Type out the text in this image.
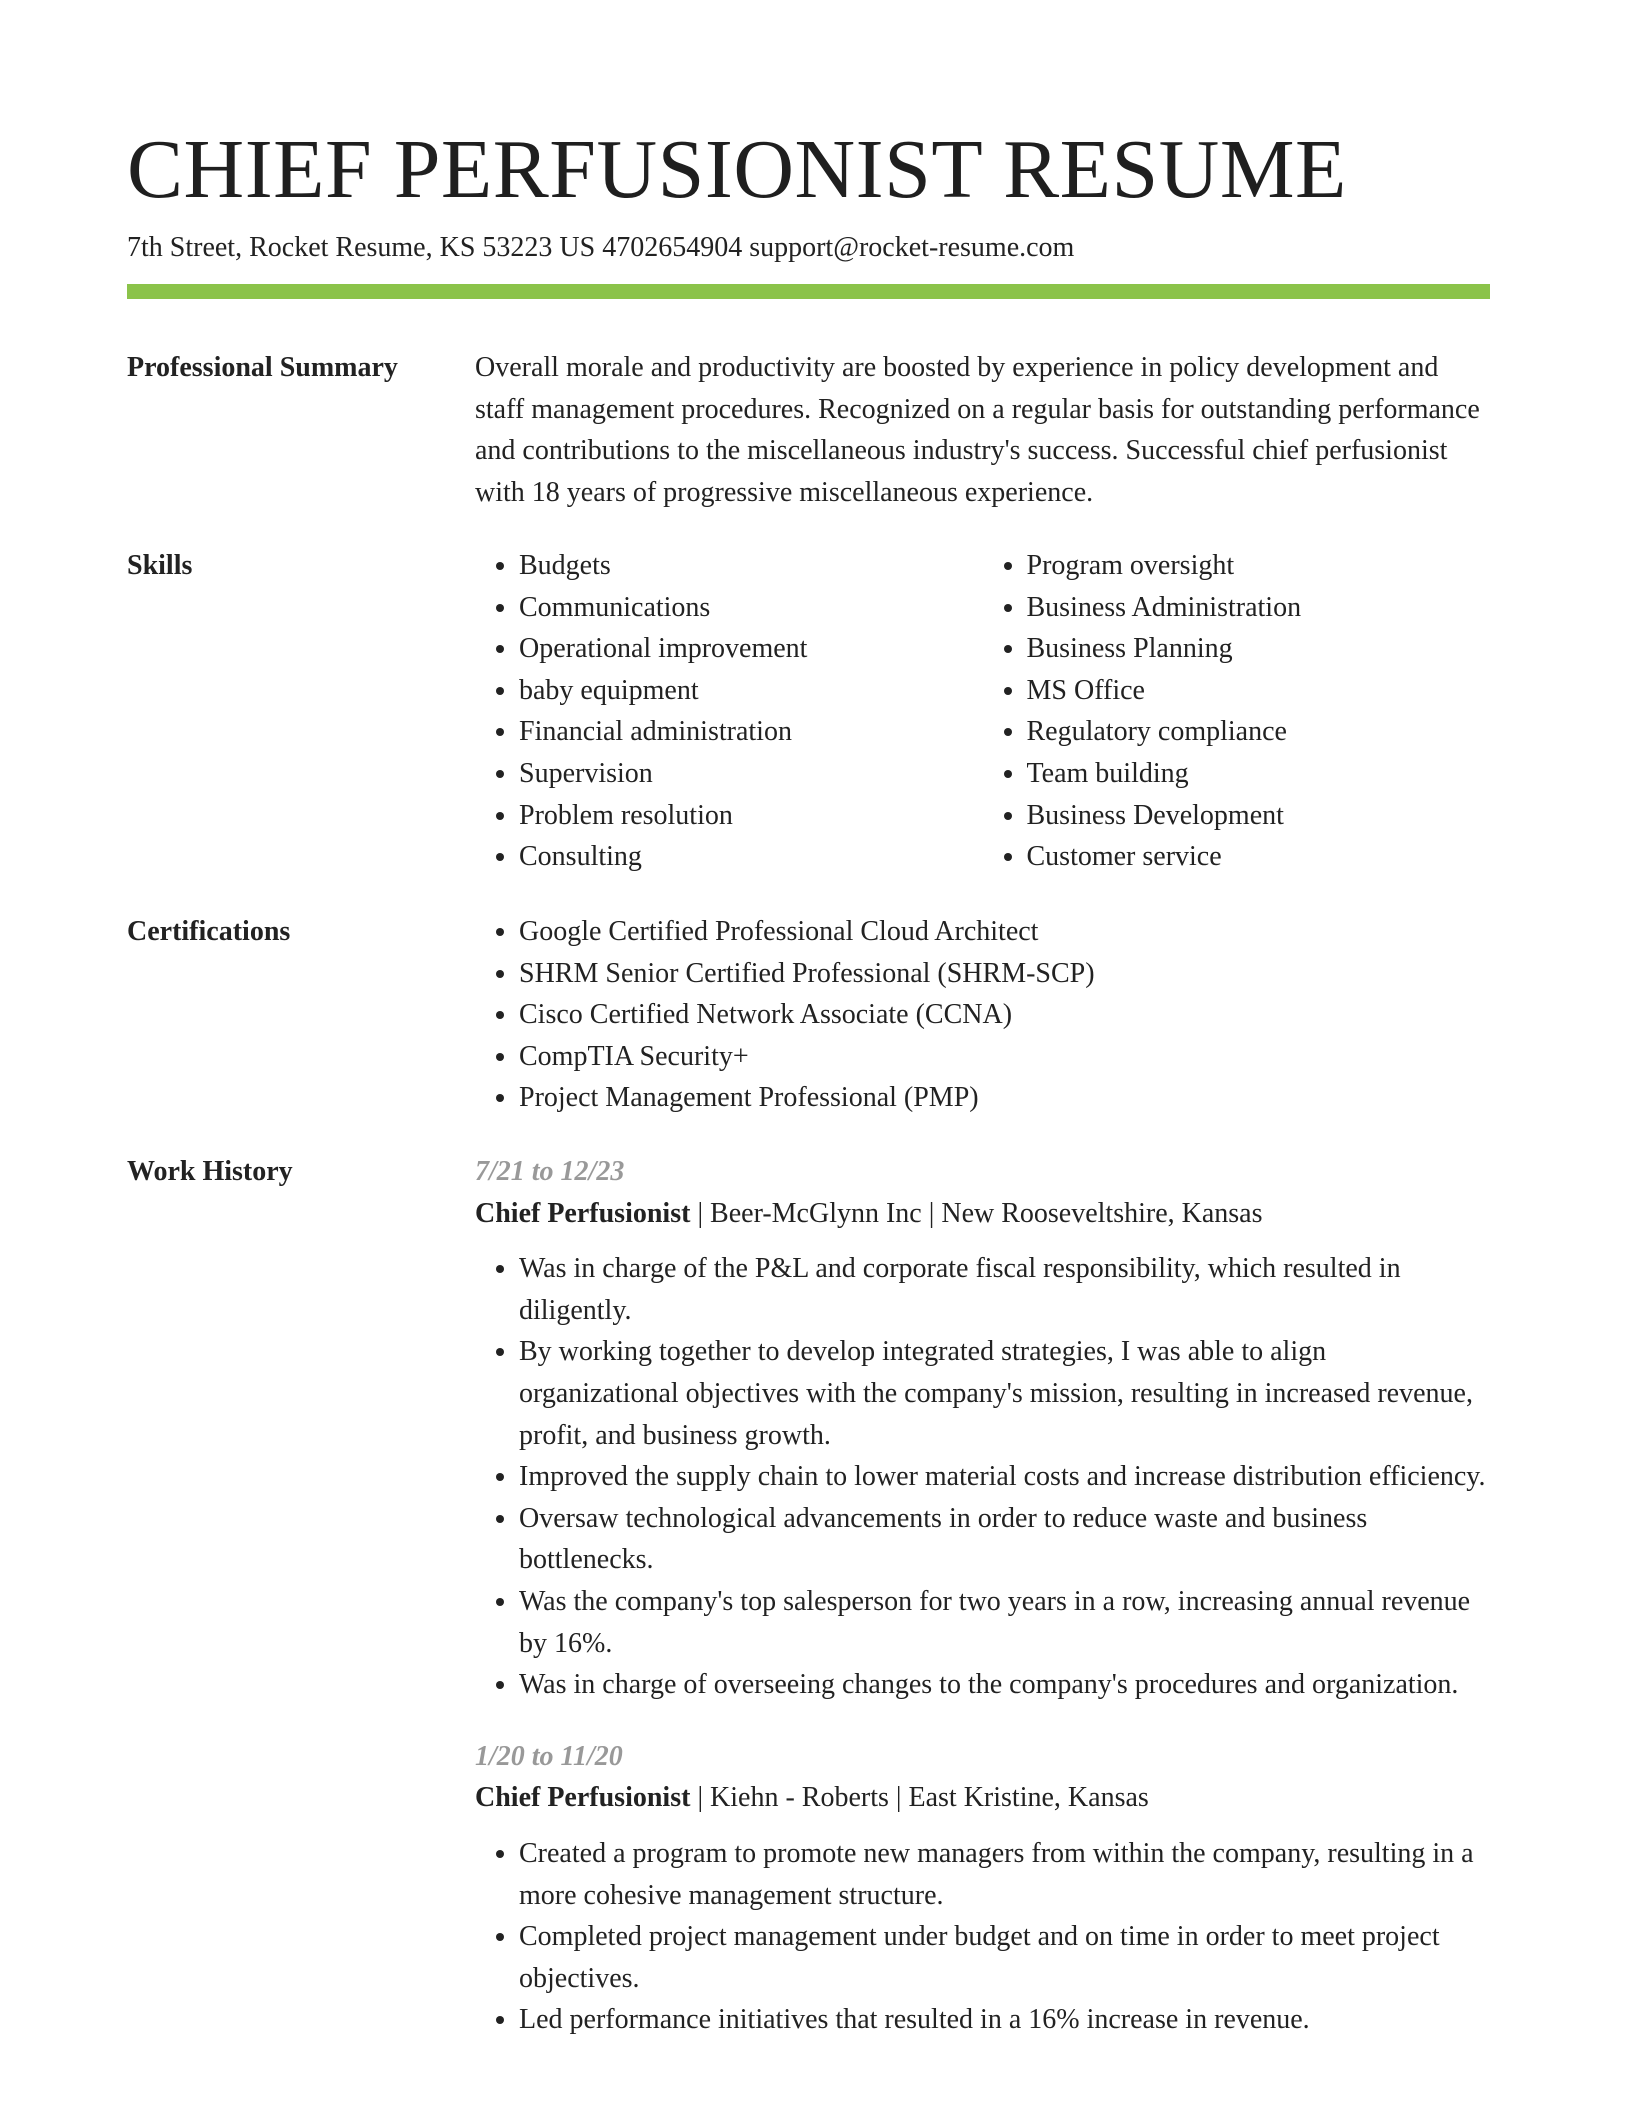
CHIEF PERFUSIONIST RESUME
7th Street, Rocket Resume, KS 53223 US 4702654904 support@rocket-resume.com
Professional Summary	Overall morale and productivity are boosted by experience in policy development and staff management procedures. Recognized on a regular basis for outstanding performance and contributions to the miscellaneous industry's success. Successful chief perfusionist with 18 years of progressive miscellaneous experience.

Skills	• Budgets
• Communications
• Operational improvement
• baby equipment
• Financial administration
• Supervision
• Problem resolution
• Consulting
• Program oversight
• Business Administration
• Business Planning
• MS Office
• Regulatory compliance
• Team building
• Business Development
• Customer service
Certifications	• Google Certified Professional Cloud Architect
• SHRM Senior Certified Professional (SHRM-SCP)
• Cisco Certified Network Associate (CCNA)
• CompTIA Security+
• Project Management Professional (PMP)
Work History	7/21 to 12/23

Chief Perfusionist | Beer-McGlynn Inc | New Rooseveltshire, Kansas

• Was in charge of the P&L and corporate fiscal responsibility, which resulted in diligently.
• By working together to develop integrated strategies, I was able to align organizational objectives with the company's mission, resulting in increased revenue, profit, and business growth.
• Improved the supply chain to lower material costs and increase distribution efficiency.
• Oversaw technological advancements in order to reduce waste and business bottlenecks.
• Was the company's top salesperson for two years in a row, increasing annual revenue by 16%.
• Was in charge of overseeing changes to the company's procedures and organization.

1/20 to 11/20

Chief Perfusionist | Kiehn - Roberts | East Kristine, Kansas

• Created a program to promote new managers from within the company, resulting in a more cohesive management structure.
• Completed project management under budget and on time in order to meet project objectives.
• Led performance initiatives that resulted in a 16% increase in revenue.
